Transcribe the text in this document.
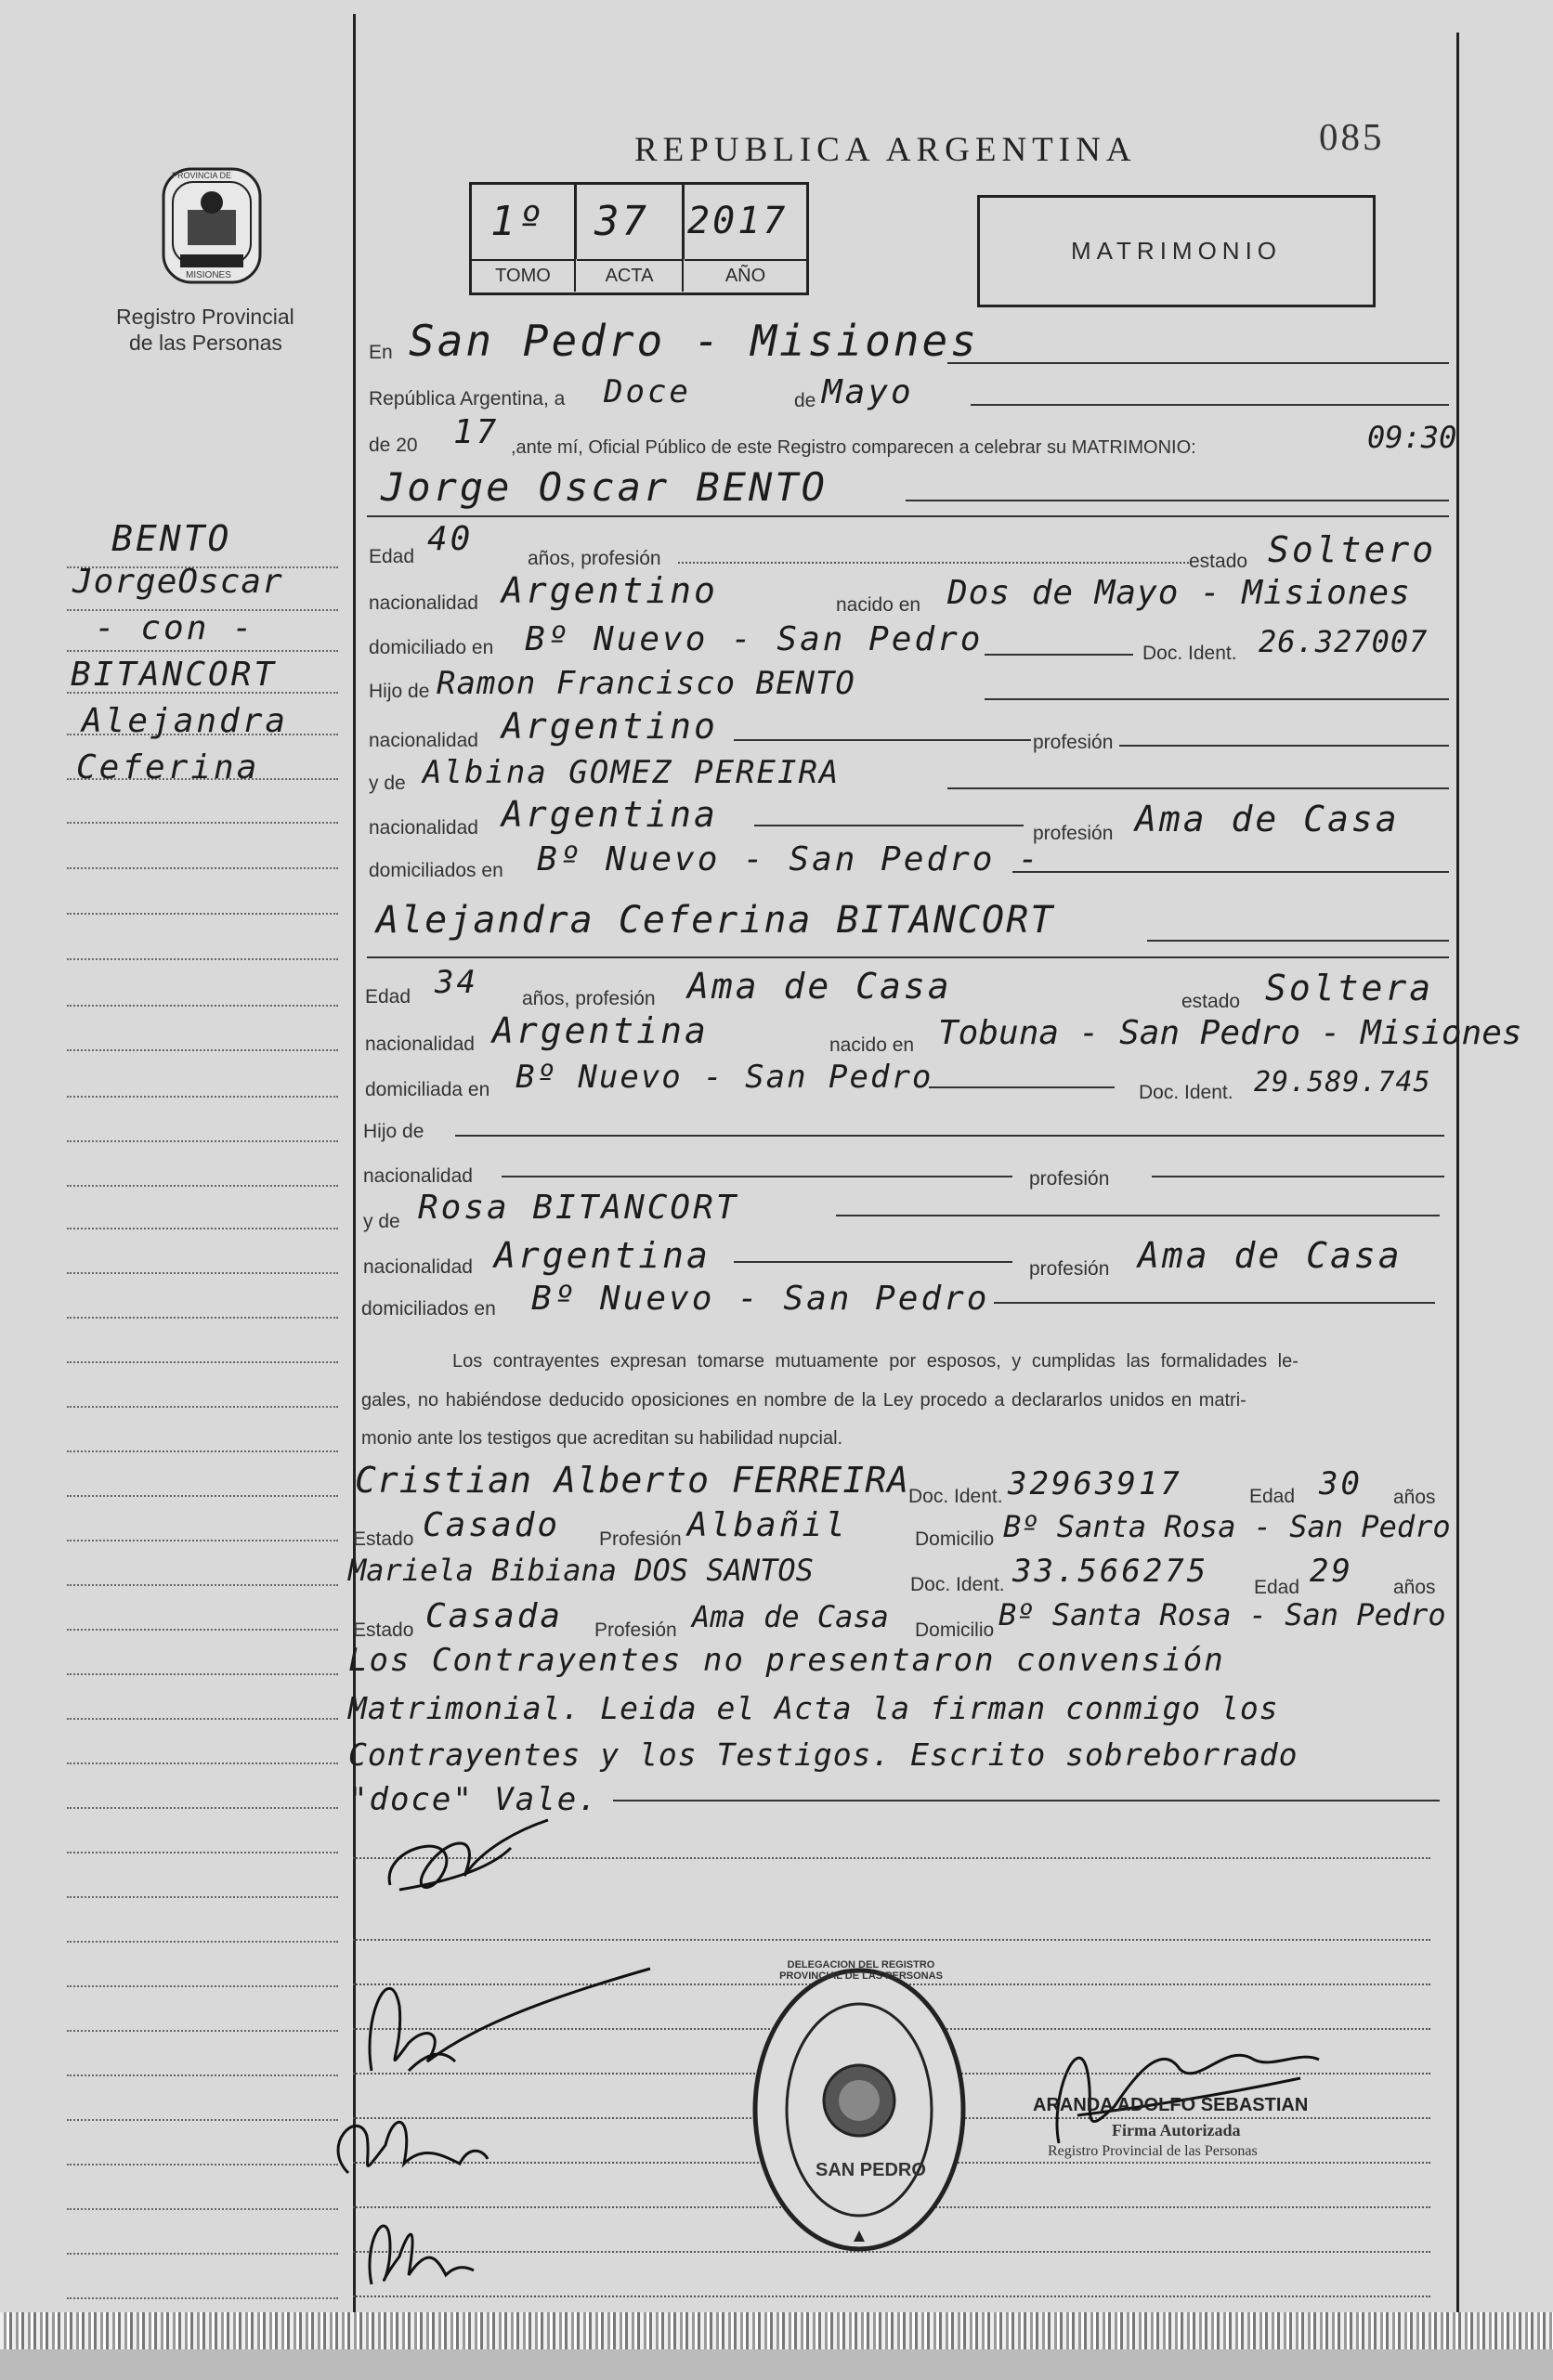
PROVINCIA DE
MISIONES
Registro Provincial
de las Personas
REPUBLICA ARGENTINA	085
1º 37 2017
TOMO	ACTA	AÑO
MATRIMONIO
BENTO
JorgeOscar
- con -
BITANCORT
Alejandra
Ceferina
En San Pedro - Misiones
República Argentina, a Doce	de Mayo
de 20 17 ,ante mí, Oficial Público de este Registro comparecen a celebrar su MATRIMONIO:	09:30
Jorge Oscar BENTO
Edad 40
años, profesión	estado Soltero
nacionalidad Argentino	nacido en Dos de Mayo - Misiones
domiciliado en Bº Nuevo - San Pedro	Doc. Ident. 26.327007
Hijo de Ramon Francisco BENTO
nacionalidad Argentino	profesión
y de Albina GOMEZ PEREIRA
nacionalidad Argentina	profesión Ama de Casa
domiciliados en Bº Nuevo - San Pedro -
Alejandra Ceferina BITANCORT
Edad 34 años, profesión Ama de Casa	estado Soltera
nacionalidad Argentina	nacido en Tobuna - San Pedro - Misiones
domiciliada en Bº Nuevo - San Pedro	Doc. Ident. 29.589.745
Hijo de
nacionalidad	profesión
y de Rosa BITANCORT
nacionalidad Argentina	profesión Ama de Casa
domiciliados en Bº Nuevo - San Pedro
Los contrayentes expresan tomarse mutuamente por esposos, y cumplidas las formalidades le-
gales, no habiéndose deducido oposiciones en nombre de la Ley procedo a declararlos unidos en matri-
monio ante los testigos que acreditan su habilidad nupcial.
Cristian Alberto FERREIRA Doc. Ident. 32963917	Edad 30 años
Estado Casado Profesión Albañil	Domicilio Bº Santa Rosa - San Pedro
Mariela Bibiana DOS SANTOS	Doc. Ident. 33.566275 Edad 29 años
Estado Casada Profesión Ama de Casa Domicilio Bº Santa Rosa - San Pedro
Los Contrayentes no presentaron convensión
Matrimonial. Leida el Acta la firman conmigo los
Contrayentes y los Testigos. Escrito sobreborrado
"doce" Vale.
DELEGACION DEL REGISTRO PROVINCIAL DE LAS PERSONAS
SAN PEDRO
ARANDA ADOLFO SEBASTIAN
Firma Autorizada
Registro Provincial de las Personas
